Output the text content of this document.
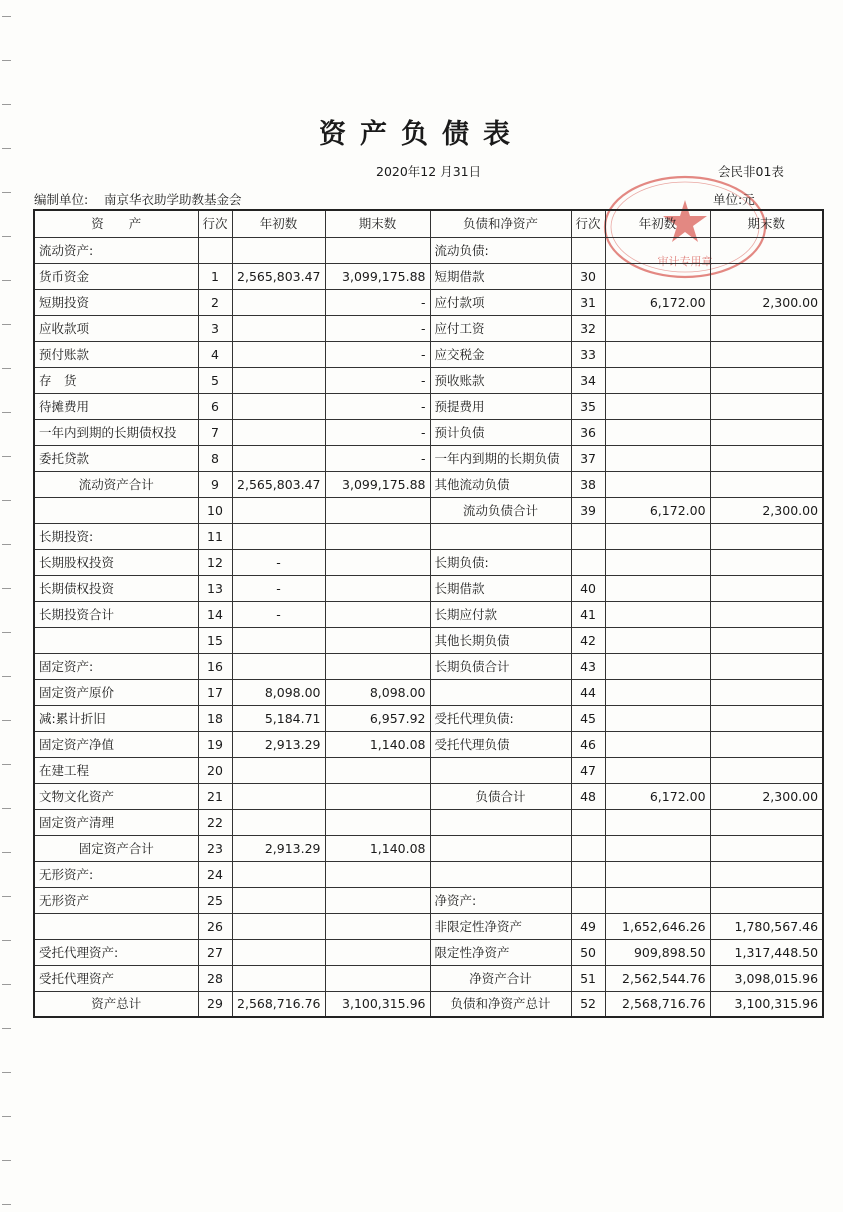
审计专用章
资产负债表
2020年12 月31日	会民非01表
编制单位: 南京华衣助学助教基金会	单位:元
资　　产	行次	年初数	期末数	负债和净资产	行次	年初数	期末数
流动资产:				流动负债:			
货币资金	1	2,565,803.47	3,099,175.88	短期借款	30		
短期投资	2		-	应付款项	31	6,172.00	2,300.00
应收款项	3		-	应付工资	32		
预付账款	4		-	应交税金	33		
存　货	5		-	预收账款	34		
待摊费用	6		-	预提费用	35		
一年内到期的长期债权投	7		-	预计负债	36		
委托贷款	8		-	一年内到期的长期负债	37		
流动资产合计	9	2,565,803.47	3,099,175.88	其他流动负债	38		
	10			流动负债合计	39	6,172.00	2,300.00
长期投资:	11						
长期股权投资	12	-		长期负债:			
长期债权投资	13	-		长期借款	40		
长期投资合计	14	-		长期应付款	41		
	15			其他长期负债	42		
固定资产:	16			长期负债合计	43		
固定资产原价	17	8,098.00	8,098.00		44		
减:累计折旧	18	5,184.71	6,957.92	受托代理负债:	45		
固定资产净值	19	2,913.29	1,140.08	受托代理负债	46		
在建工程	20				47		
文物文化资产	21			负债合计	48	6,172.00	2,300.00
固定资产清理	22						
固定资产合计	23	2,913.29	1,140.08				
无形资产:	24						
无形资产	25			净资产:			
	26			非限定性净资产	49	1,652,646.26	1,780,567.46
受托代理资产:	27			限定性净资产	50	909,898.50	1,317,448.50
受托代理资产	28			净资产合计	51	2,562,544.76	3,098,015.96
资产总计	29	2,568,716.76	3,100,315.96	负债和净资产总计	52	2,568,716.76	3,100,315.96
